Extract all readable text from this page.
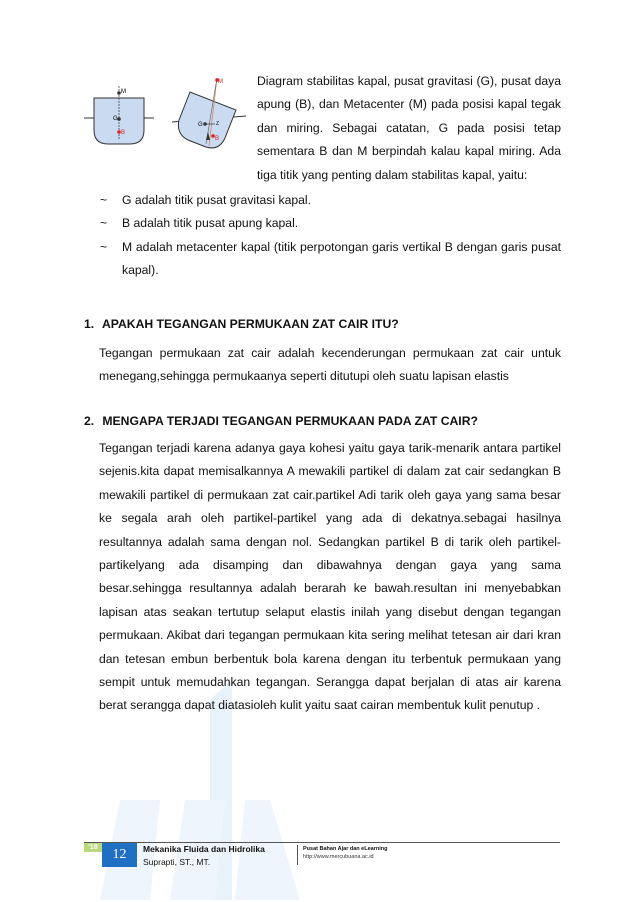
M
G
B
M
G	Z
B

Diagram stabilitas kapal, pusat gravitasi (G), pusat daya apung (B), dan Metacenter (M) pada posisi kapal tegak dan miring. Sebagai catatan, G pada posisi tetap sementara B dan M berpindah kalau kapal miring. Ada tiga titik yang penting dalam stabilitas kapal, yaitu:

~ G adalah titik pusat gravitasi kapal.
~ B adalah titik pusat apung kapal.
~ M adalah metacenter kapal (titik perpotongan garis vertikal B dengan garis pusat kapal).
1. APAKAH TEGANGAN PERMUKAAN ZAT CAIR ITU?

Tegangan permukaan zat cair adalah kecenderungan permukaan zat cair untuk menegang,sehingga permukaanya seperti ditutupi oleh suatu lapisan elastis

2. MENGAPA TERJADI TEGANGAN PERMUKAAN PADA ZAT CAIR?

Tegangan terjadi karena adanya gaya kohesi yaitu gaya tarik-menarik antara partikel sejenis.kita dapat memisalkannya A mewakili partikel di dalam zat cair sedangkan B mewakili partikel di permukaan zat cair.partikel Adi tarik oleh gaya yang sama besar ke segala arah oleh partikel-partikel yang ada di dekatnya.sebagai hasilnya resultannya adalah sama dengan nol. Sedangkan partikel B di tarik oleh partikel-partikelyang ada disamping dan dibawahnya dengan gaya yang sama besar.sehingga resultannya adalah berarah ke bawah.resultan ini menyebabkan lapisan atas seakan tertutup selaput elastis inilah yang disebut dengan tegangan permukaan. Akibat dari tegangan permukaan kita sering melihat tetesan air dari kran dan tetesan embun berbentuk bola karena dengan itu terbentuk permukaan yang sempit untuk memudahkan tegangan. Serangga dapat berjalan di atas air karena berat serangga dapat diatasioleh kulit yaitu saat cairan membentuk kulit penutup .

'18	12	Mekanika Fluida dan Hidrolika
Suprapti, ST., MT.
Pusat Bahan Ajar dan eLearning
http://www.mercubuana.ac.id
